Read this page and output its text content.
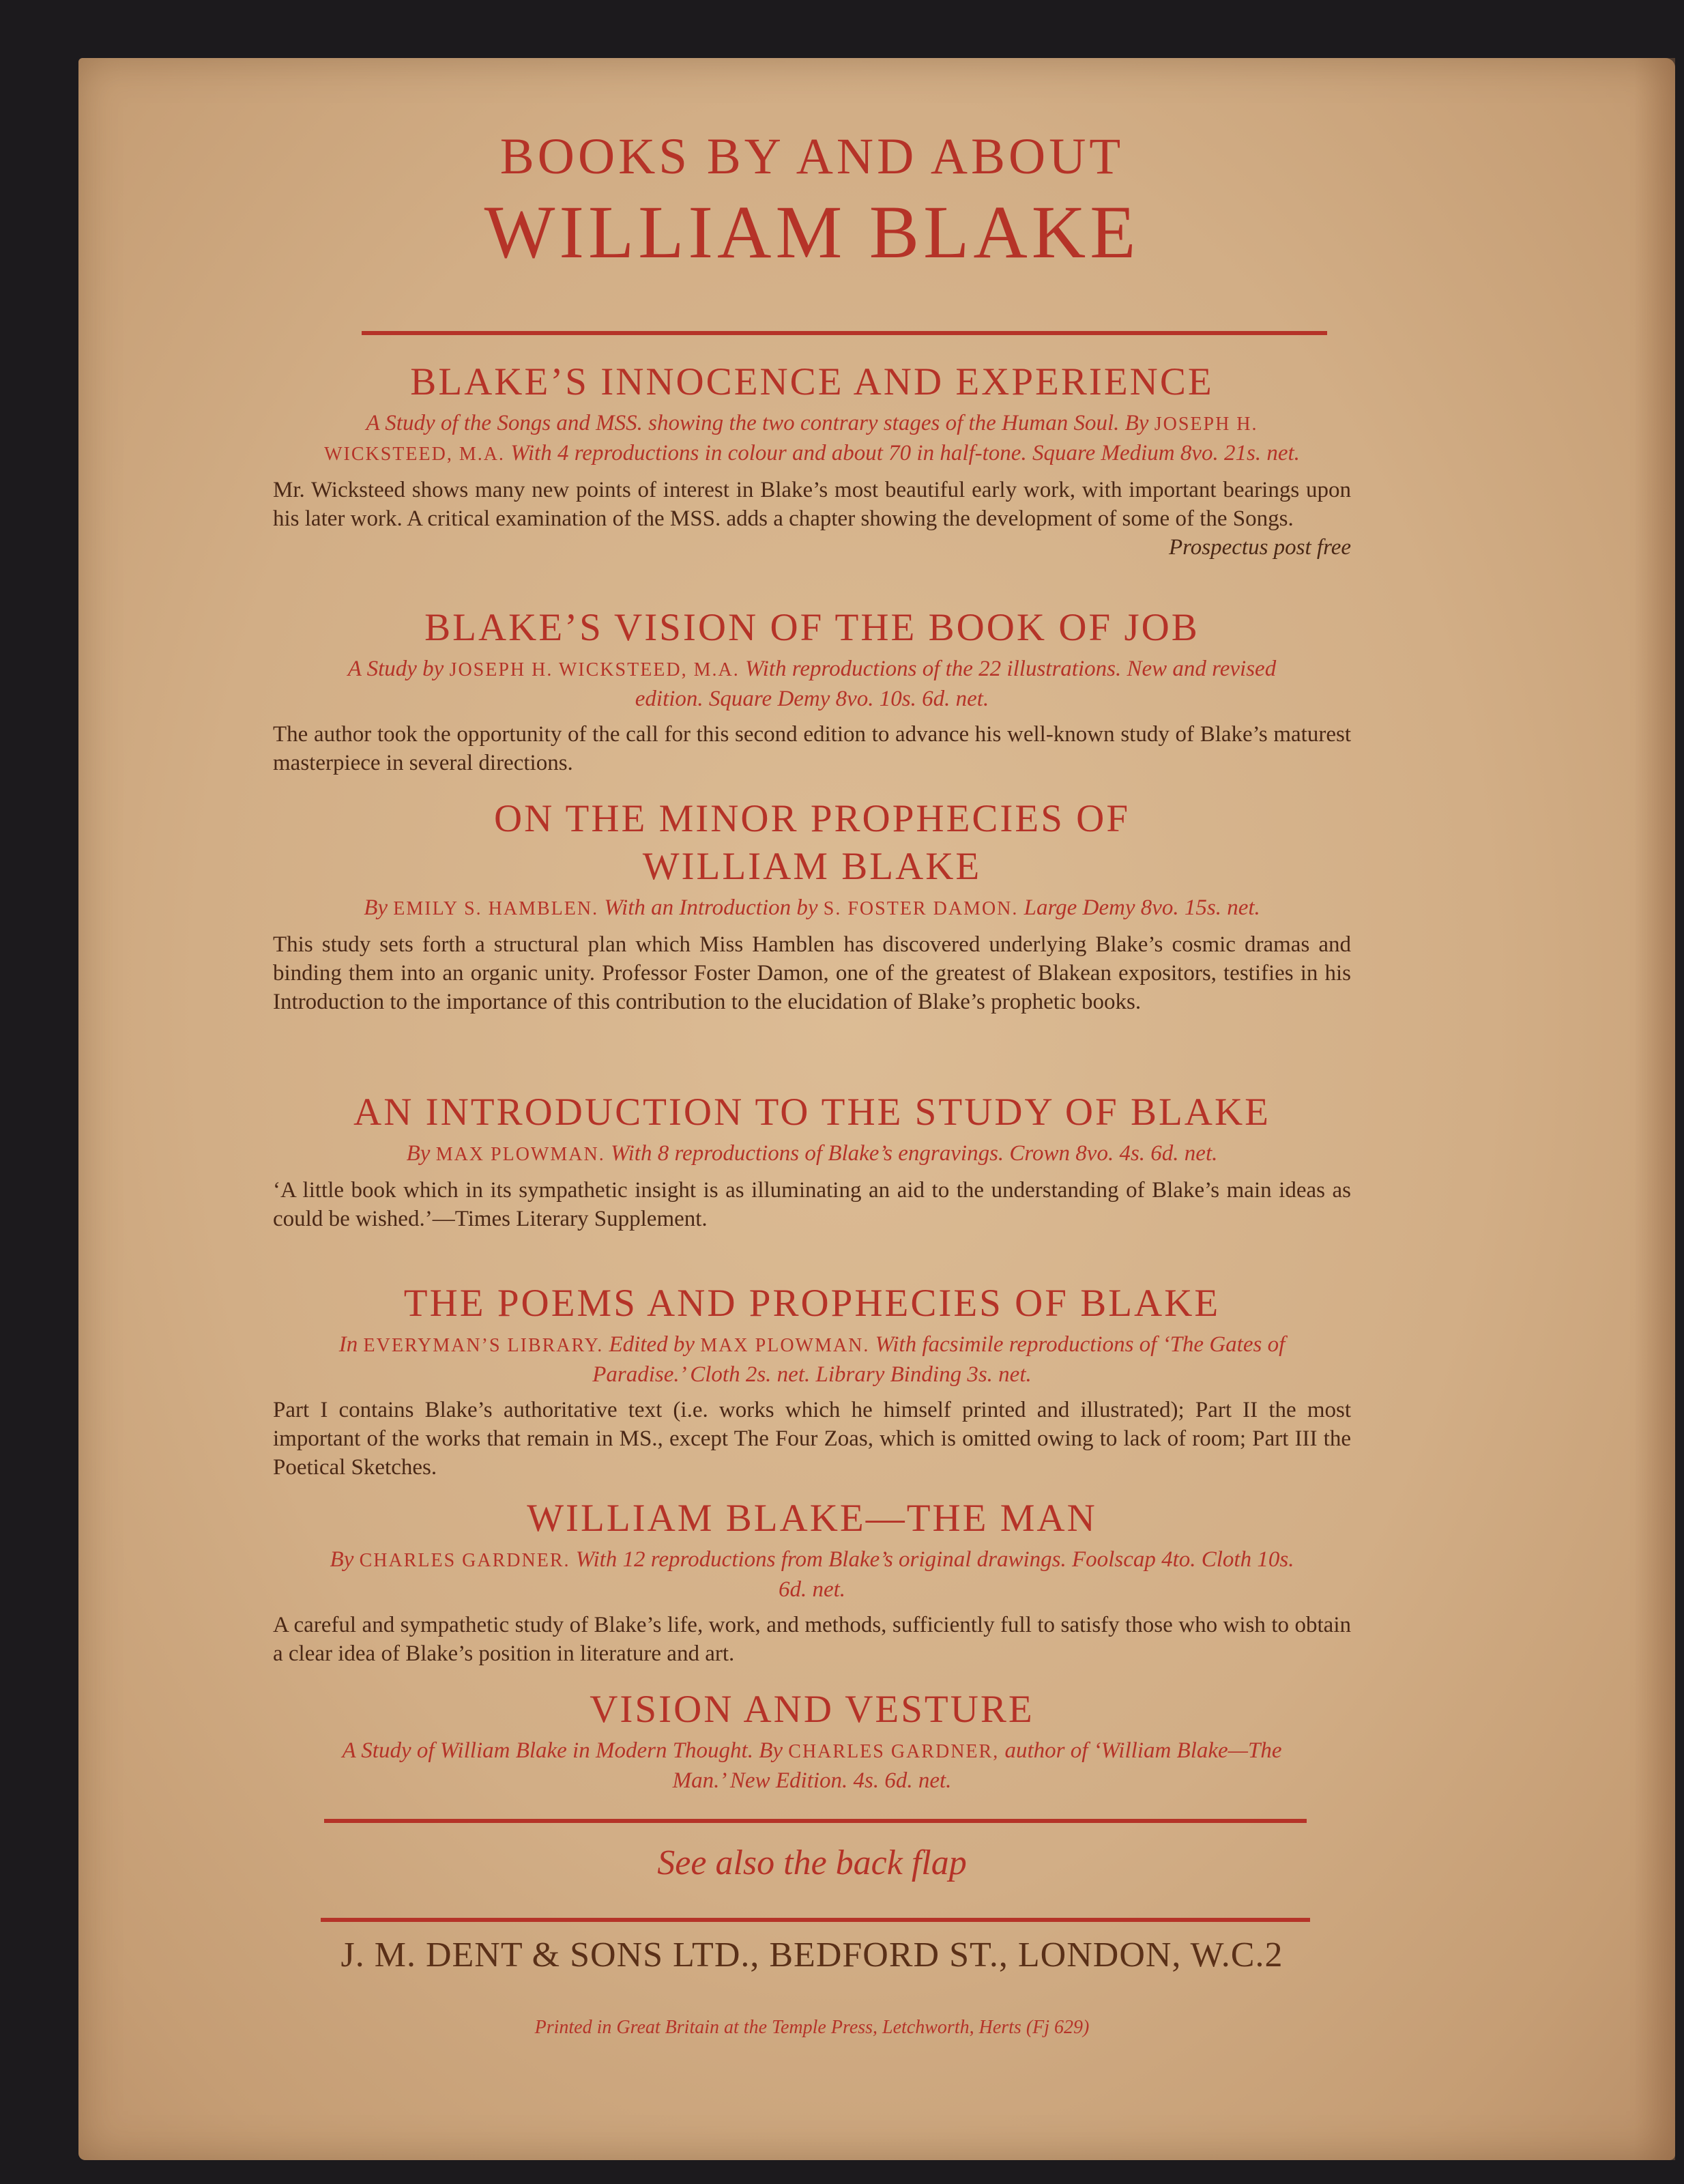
BOOKS BY AND ABOUT
WILLIAM BLAKE

BLAKE’S INNOCENCE AND EXPERIENCE

A Study of the Songs and MSS. showing the two contrary stages of the Human Soul. By JOSEPH H. WICKSTEED, M.A. With 4 reproductions in colour and about 70 in half-tone. Square Medium 8vo. 21s. net.

Mr. Wicksteed shows many new points of interest in Blake’s most beautiful early work, with important bearings upon his later work. A critical examination of the MSS. adds a chapter showing the development of some of the Songs.
Prospectus post free

BLAKE’S VISION OF THE BOOK OF JOB

A Study by JOSEPH H. WICKSTEED, M.A. With reproductions of the 22 illustrations. New and revised edition. Square Demy 8vo. 10s. 6d. net.

The author took the opportunity of the call for this second edition to advance his well-known study of Blake’s maturest masterpiece in several directions.

ON THE MINOR PROPHECIES OF
WILLIAM BLAKE

By EMILY S. HAMBLEN. With an Introduction by S. FOSTER DAMON. Large Demy 8vo. 15s. net.

This study sets forth a structural plan which Miss Hamblen has discovered underlying Blake’s cosmic dramas and binding them into an organic unity. Professor Foster Damon, one of the greatest of Blakean expositors, testifies in his Introduction to the importance of this contribution to the elucidation of Blake’s prophetic books.

AN INTRODUCTION TO THE STUDY OF BLAKE

By MAX PLOWMAN. With 8 reproductions of Blake’s engravings. Crown 8vo. 4s. 6d. net.

‘A little book which in its sympathetic insight is as illuminating an aid to the understanding of Blake’s main ideas as could be wished.’—Times Literary Supplement.

THE POEMS AND PROPHECIES OF BLAKE

In EVERYMAN’S LIBRARY. Edited by MAX PLOWMAN. With facsimile reproductions of ‘The Gates of Paradise.’ Cloth 2s. net. Library Binding 3s. net.

Part I contains Blake’s authoritative text (i.e. works which he himself printed and illustrated); Part II the most important of the works that remain in MS., except The Four Zoas, which is omitted owing to lack of room; Part III the Poetical Sketches.

WILLIAM BLAKE—THE MAN

By CHARLES GARDNER. With 12 reproductions from Blake’s original drawings. Foolscap 4to. Cloth 10s. 6d. net.

A careful and sympathetic study of Blake’s life, work, and methods, sufficiently full to satisfy those who wish to obtain a clear idea of Blake’s position in literature and art.

VISION AND VESTURE

A Study of William Blake in Modern Thought. By CHARLES GARDNER, author of ‘William Blake—The Man.’ New Edition. 4s. 6d. net.

See also the back flap
J. M. DENT & SONS LTD., BEDFORD ST., LONDON, W.C.2
Printed in Great Britain at the Temple Press, Letchworth, Herts (Fj 629)
